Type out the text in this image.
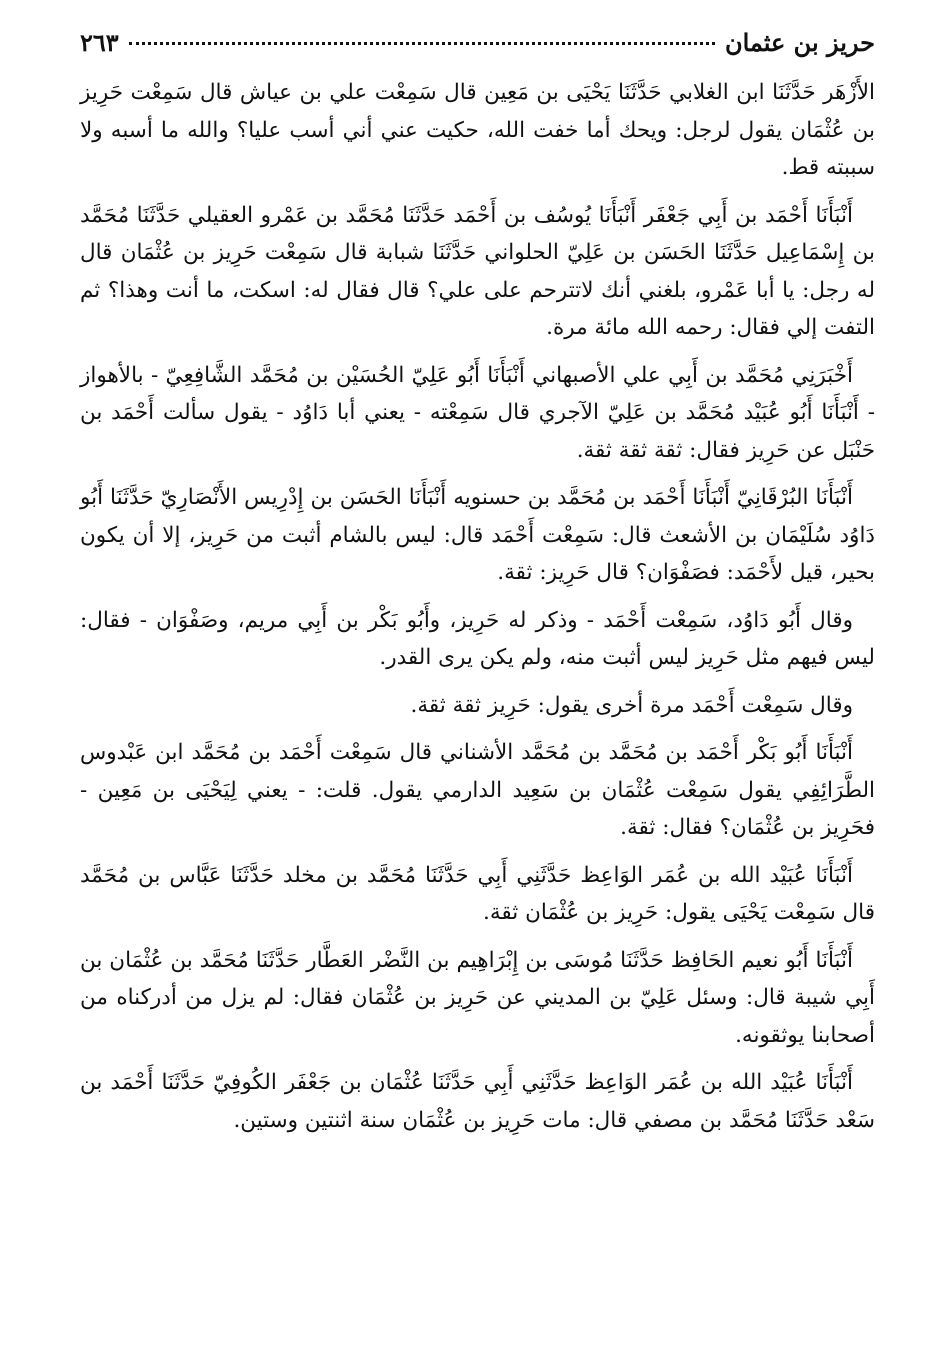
حريز بن عثمان
٢٦٣

الأَزْهَر حَدَّثَنَا ابن الغلابي حَدَّثَنَا يَحْيَى بن مَعِين قال سَمِعْت علي بن عياش قال سَمِعْت حَرِيز بن عُثْمَان يقول لرجل: ويحك أما خفت الله، حكيت عني أني أسب عليا؟ والله ما أسبه ولا سببته قط.

أَنْبَأَنَا أَحْمَد بن أَبِي جَعْفَر أَنْبَأَنَا يُوسُف بن أَحْمَد حَدَّثَنَا مُحَمَّد بن عَمْرو العقيلي حَدَّثَنَا مُحَمَّد بن إِسْمَاعِيل حَدَّثَنَا الحَسَن بن عَلِيّ الحلواني حَدَّثَنَا شبابة قال سَمِعْت حَرِيز بن عُثْمَان قال له رجل: يا أبا عَمْرو، بلغني أنك لاتترحم على علي؟ قال فقال له: اسكت، ما أنت وهذا؟ ثم التفت إلي فقال: رحمه الله مائة مرة.

أَخْبَرَنِي مُحَمَّد بن أَبِي علي الأصبهاني أَنْبَأَنَا أَبُو عَلِيّ الحُسَيْن بن مُحَمَّد الشَّافِعِيّ - بالأهواز - أَنْبَأَنَا أَبُو عُبَيْد مُحَمَّد بن عَلِيّ الآجري قال سَمِعْته - يعني أبا دَاوُد - يقول سألت أَحْمَد بن حَنْبَل عن حَرِيز فقال: ثقة ثقة ثقة.

أَنْبَأَنَا البُرْقَانِيّ أَنْبَأَنَا أَحْمَد بن مُحَمَّد بن حسنويه أَنْبَأَنَا الحَسَن بن إِدْرِيس الأَنْصَارِيّ حَدَّثَنَا أَبُو دَاوُد سُلَيْمَان بن الأشعث قال: سَمِعْت أَحْمَد قال: ليس بالشام أثبت من حَرِيز، إلا أن يكون بحير، قيل لأَحْمَد: فصَفْوَان؟ قال حَرِيز: ثقة.

وقال أَبُو دَاوُد، سَمِعْت أَحْمَد - وذكر له حَرِيز، وأَبُو بَكْر بن أَبِي مريم، وصَفْوَان - فقال: ليس فيهم مثل حَرِيز ليس أثبت منه، ولم يكن يرى القدر.

وقال سَمِعْت أَحْمَد مرة أخرى يقول: حَرِيز ثقة ثقة.

أَنْبَأَنَا أَبُو بَكْر أَحْمَد بن مُحَمَّد بن مُحَمَّد الأشناني قال سَمِعْت أَحْمَد بن مُحَمَّد ابن عَبْدوس الطَّرَائِفِي يقول سَمِعْت عُثْمَان بن سَعِيد الدارمي يقول. قلت: - يعني لِيَحْيَى بن مَعِين - فحَرِيز بن عُثْمَان؟ فقال: ثقة.

أَنْبَأَنَا عُبَيْد الله بن عُمَر الوَاعِظ حَدَّثَنِي أَبِي حَدَّثَنَا مُحَمَّد بن مخلد حَدَّثَنَا عَبَّاس بن مُحَمَّد قال سَمِعْت يَحْيَى يقول: حَرِيز بن عُثْمَان ثقة.

أَنْبَأَنَا أَبُو نعيم الحَافِظ حَدَّثَنَا مُوسَى بن إِبْرَاهِيم بن النَّضْر العَطَّار حَدَّثَنَا مُحَمَّد بن عُثْمَان بن أَبِي شيبة قال: وسئل عَلِيّ بن المديني عن حَرِيز بن عُثْمَان فقال: لم يزل من أدركناه من أصحابنا يوثقونه.

أَنْبَأَنَا عُبَيْد الله بن عُمَر الوَاعِظ حَدَّثَنِي أَبِي حَدَّثَنَا عُثْمَان بن جَعْفَر الكُوفِيّ حَدَّثَنَا أَحْمَد بن سَعْد حَدَّثَنَا مُحَمَّد بن مصفي قال: مات حَرِيز بن عُثْمَان سنة اثنتين وستين.
